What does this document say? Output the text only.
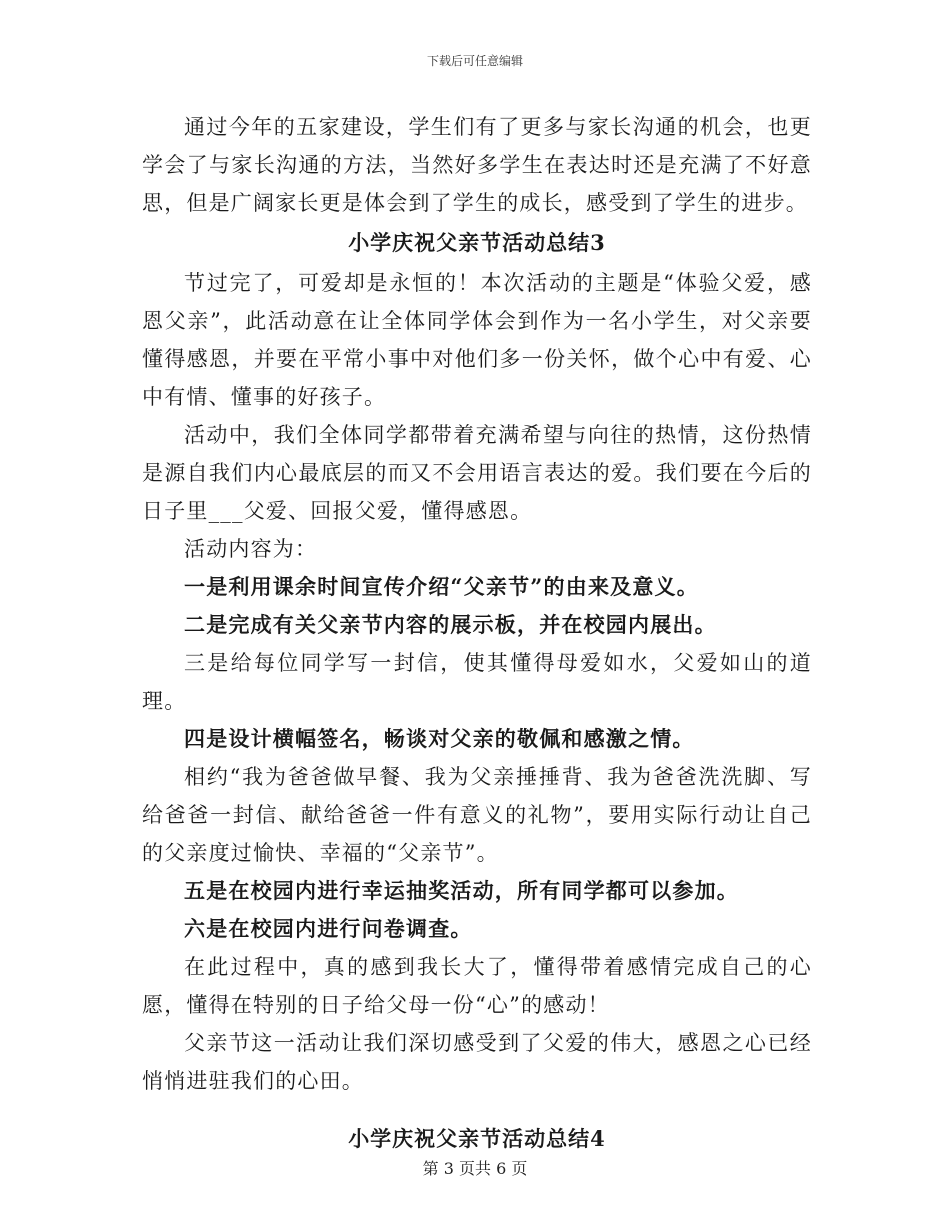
下载后可任意编辑

通过今年的五家建设，学生们有了更多与家长沟通的机会，也更学会了与家长沟通的方法，当然好多学生在表达时还是充满了不好意思，但是广阔家长更是体会到了学生的成长，感受到了学生的进步。

小学庆祝父亲节活动总结3

节过完了，可爱却是永恒的！本次活动的主题是“体验父爱，感恩父亲”，此活动意在让全体同学体会到作为一名小学生，对父亲要懂得感恩，并要在平常小事中对他们多一份关怀，做个心中有爱、心中有情、懂事的好孩子。

活动中，我们全体同学都带着充满希望与向往的热情，这份热情是源自我们内心最底层的而又不会用语言表达的爱。我们要在今后的日子里___父爱、回报父爱，懂得感恩。

活动内容为：

一是利用课余时间宣传介绍“父亲节”的由来及意义。

二是完成有关父亲节内容的展示板，并在校园内展出。

三是给每位同学写一封信，使其懂得母爱如水，父爱如山的道理。

四是设计横幅签名，畅谈对父亲的敬佩和感激之情。

相约“我为爸爸做早餐、我为父亲捶捶背、我为爸爸洗洗脚、写给爸爸一封信、献给爸爸一件有意义的礼物”，要用实际行动让自己的父亲度过愉快、幸福的“父亲节”。

五是在校园内进行幸运抽奖活动，所有同学都可以参加。

六是在校园内进行问卷调查。

在此过程中，真的感到我长大了，懂得带着感情完成自己的心愿，懂得在特别的日子给父母一份“心”的感动！

父亲节这一活动让我们深切感受到了父爱的伟大，感恩之心已经悄悄进驻我们的心田。

小学庆祝父亲节活动总结4

第 3 页共 6 页
